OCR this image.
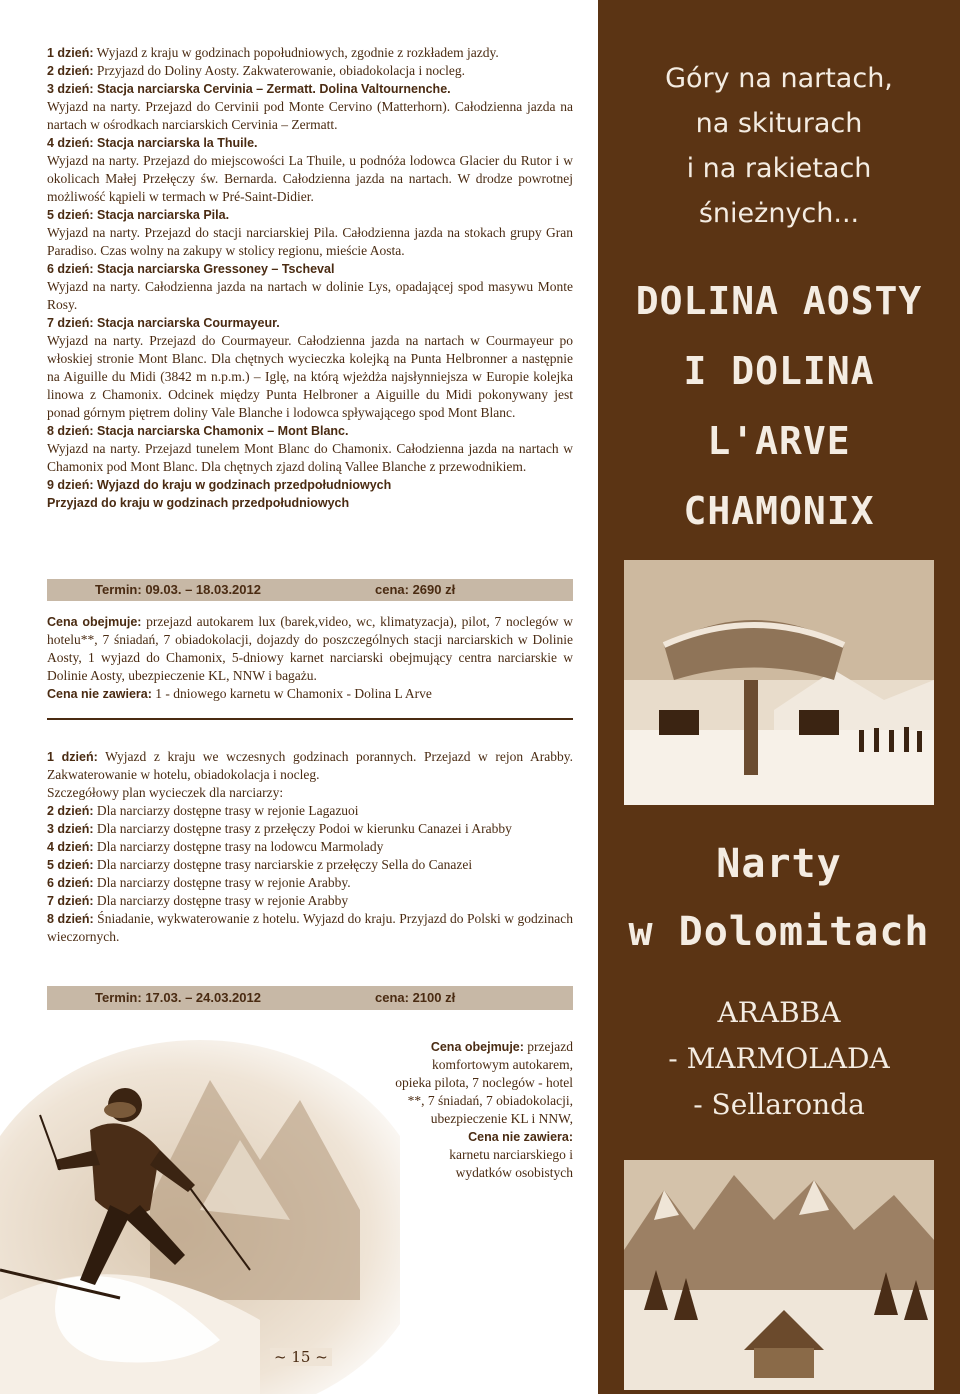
1 dzień: Wyjazd z kraju w godzinach popołudniowych, zgodnie z rozkładem jazdy.

2 dzień: Przyjazd do Doliny Aosty. Zakwaterowanie, obiadokolacja i nocleg.

3 dzień: Stacja narciarska Cervinia – Zermatt. Dolina Valtournenche.

Wyjazd na narty. Przejazd do Cervinii pod Monte Cervino (Matterhorn). Całodzienna jazda na nartach w ośrodkach narciarskich Cervinia – Zermatt.

4 dzień: Stacja narciarska la Thuile.

Wyjazd na narty. Przejazd do miejscowości La Thuile, u podnóża lodowca Glacier du Rutor i w okolicach Małej Przełęczy św. Bernarda. Całodzienna jazda na nartach. W drodze powrotnej możliwość kąpieli w termach w Pré-Saint-Didier.

5 dzień: Stacja narciarska Pila.

Wyjazd na narty. Przejazd do stacji narciarskiej Pila. Całodzienna jazda na stokach grupy Gran Paradiso. Czas wolny na zakupy w stolicy regionu, mieście Aosta.

6 dzień: Stacja narciarska Gressoney – Tscheval

Wyjazd na narty. Całodzienna jazda na nartach w dolinie Lys, opadającej spod masywu Monte Rosy.

7 dzień: Stacja narciarska Courmayeur.

Wyjazd na narty. Przejazd do Courmayeur. Całodzienna jazda na nartach w Courmayeur po włoskiej stronie Mont Blanc. Dla chętnych wycieczka kolejką na Punta Helbronner a następnie na Aiguille du Midi (3842 m n.p.m.) – Iglę, na którą wjeżdża najsłynniejsza w Europie kolejka linowa z Chamonix. Odcinek między Punta Helbroner a Aiguille du Midi pokonywany jest ponad górnym piętrem doliny Vale Blanche i lodowca spływającego spod Mont Blanc.

8 dzień: Stacja narciarska Chamonix – Mont Blanc.

Wyjazd na narty. Przejazd tunelem Mont Blanc do Chamonix. Całodzienna jazda na nartach w Chamonix pod Mont Blanc. Dla chętnych zjazd doliną Vallee Blanche z przewodnikiem.

9 dzień: Wyjazd do kraju w godzinach przedpołudniowych

Przyjazd do kraju w godzinach przedpołudniowych

Termin: 09.03. – 18.03.2012	cena: 2690 zł

Cena obejmuje: przejazd autokarem lux (barek,video, wc, klimatyzacja), pilot, 7 noclegów w hotelu**, 7 śniadań, 7 obiadokolacji, dojazdy do poszczególnych stacji narciarskich w Dolinie Aosty, 1 wyjazd do Chamonix, 5-dniowy karnet narciarski obejmujący centra narciarskie w Dolinie Aosty, ubezpieczenie KL, NNW i bagażu.

Cena nie zawiera: 1 - dniowego karnetu w Chamonix - Dolina L Arve

1 dzień: Wyjazd z kraju we wczesnych godzinach porannych. Przejazd w rejon Arabby. Zakwaterowanie w hotelu, obiadokolacja i nocleg.

Szczegółowy plan wycieczek dla narciarzy:

2 dzień: Dla narciarzy dostępne trasy w rejonie Lagazuoi

3 dzień: Dla narciarzy dostępne trasy z przełęczy Podoi w kierunku Canazei i Arabby

4 dzień: Dla narciarzy dostępne trasy na lodowcu Marmolady

5 dzień: Dla narciarzy dostępne trasy narciarskie z przełęczy Sella do Canazei

6 dzień: Dla narciarzy dostępne trasy w rejonie Arabby.

7 dzień: Dla narciarzy dostępne trasy w rejonie Arabby

8 dzień: Śniadanie, wykwaterowanie z hotelu. Wyjazd do kraju. Przyjazd do Polski w godzinach wieczornych.

Termin: 17.03. – 24.03.2012	cena: 2100 zł

Cena obejmuje: przejazd komfortowym autokarem, opieka pilota, 7 noclegów - hotel **, 7 śniadań, 7 obiadokolacji, ubezpieczenie KL i NNW,

Cena nie zawiera:
karnetu narciarskiego i wydatków osobistych

Góry na nartach,
na skiturach
i na rakietach
śnieżnych...
DOLINA AOSTY
I DOLINA
L'ARVE
CHAMONIX
Narty
w Dolomitach
ARABBA
- MARMOLADA
- Sellaronda
~ 15 ~
